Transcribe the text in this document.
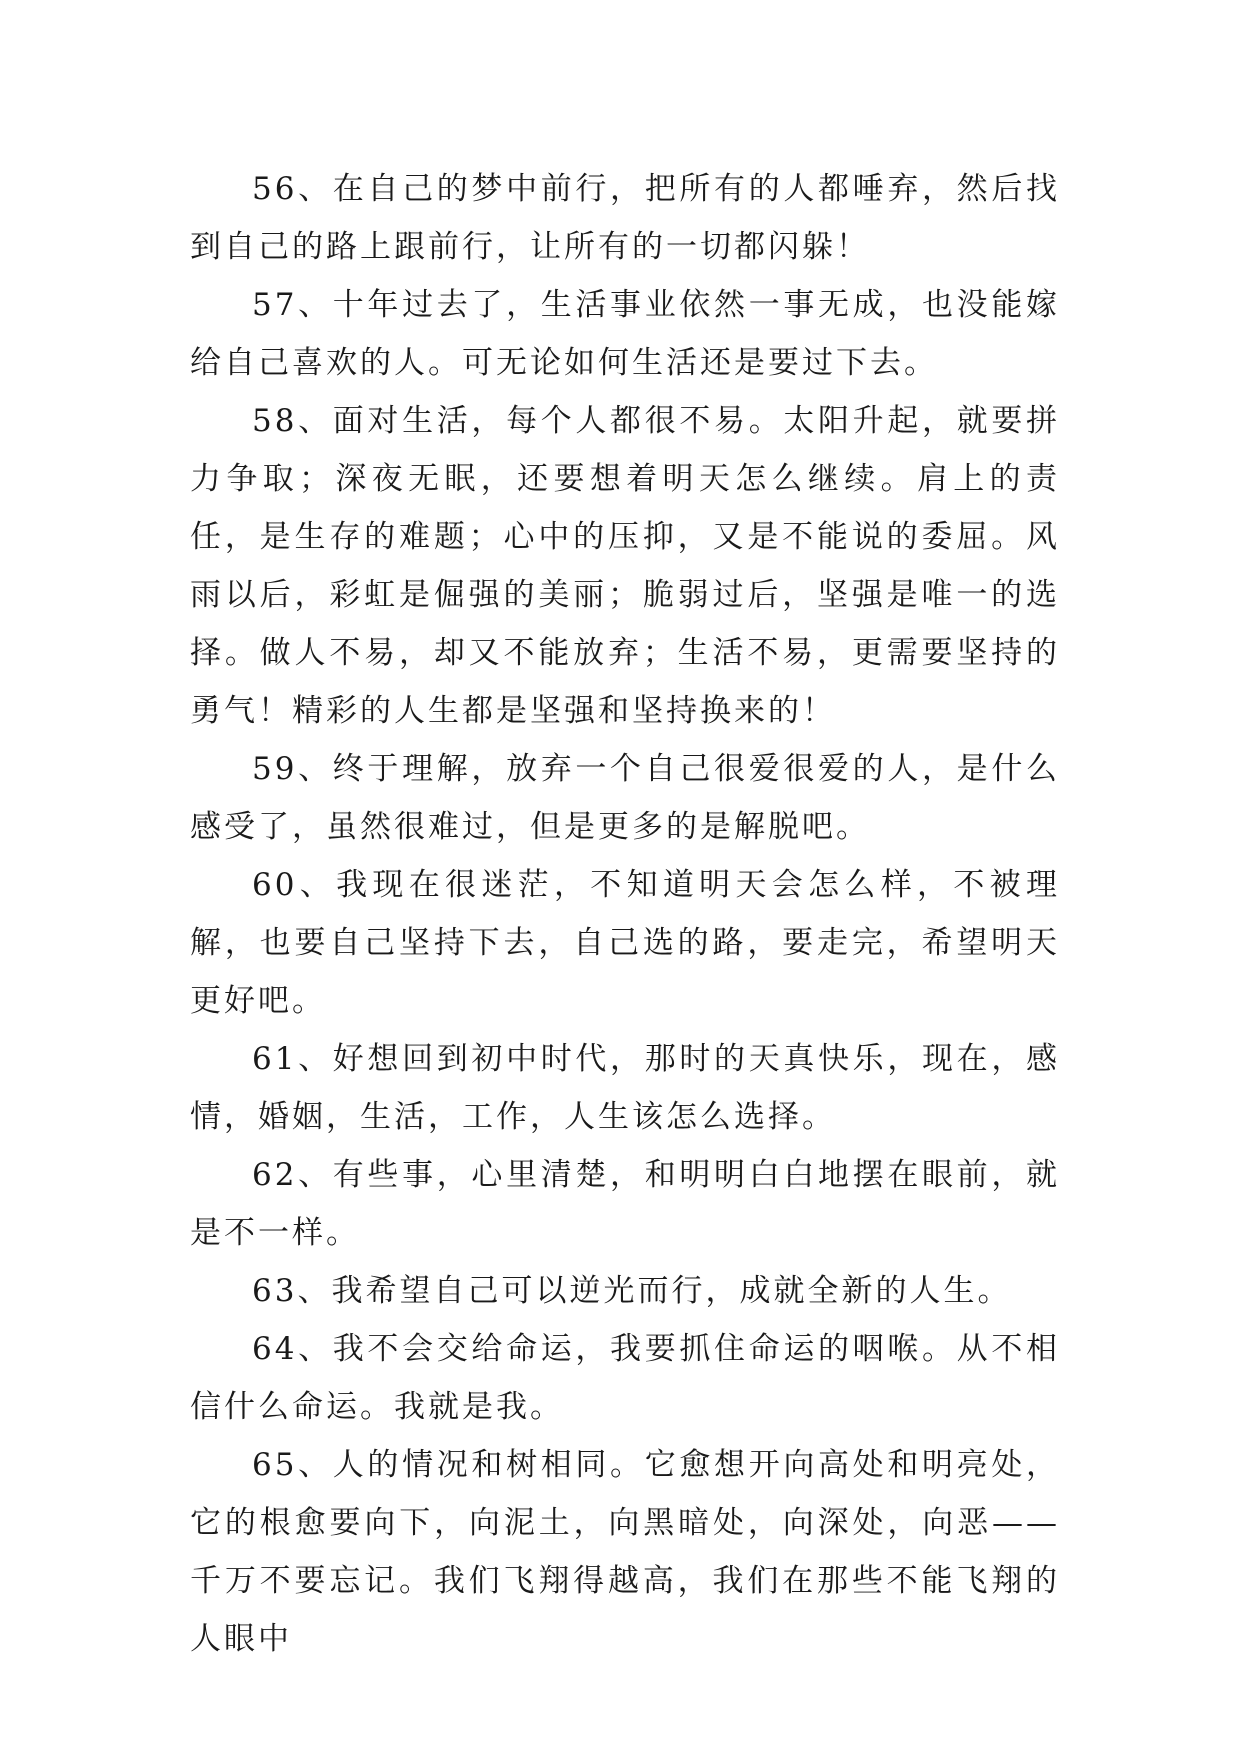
56、在自己的梦中前行，把所有的人都唾弃，然后找到自己的路上跟前行，让所有的一切都闪躲！

57、十年过去了，生活事业依然一事无成，也没能嫁给自己喜欢的人。可无论如何生活还是要过下去。

58、面对生活，每个人都很不易。太阳升起，就要拼力争取；深夜无眠，还要想着明天怎么继续。肩上的责任，是生存的难题；心中的压抑，又是不能说的委屈。风雨以后，彩虹是倔强的美丽；脆弱过后，坚强是唯一的选择。做人不易，却又不能放弃；生活不易，更需要坚持的勇气！精彩的人生都是坚强和坚持换来的！

59、终于理解，放弃一个自己很爱很爱的人，是什么感受了，虽然很难过，但是更多的是解脱吧。

60、我现在很迷茫，不知道明天会怎么样，不被理解，也要自己坚持下去，自己选的路，要走完，希望明天更好吧。

61、好想回到初中时代，那时的天真快乐，现在，感情，婚姻，生活，工作，人生该怎么选择。

62、有些事，心里清楚，和明明白白地摆在眼前，就是不一样。

63、我希望自己可以逆光而行，成就全新的人生。

64、我不会交给命运，我要抓住命运的咽喉。从不相信什么命运。我就是我。

65、人的情况和树相同。它愈想开向高处和明亮处，它的根愈要向下，向泥土，向黑暗处，向深处，向恶——千万不要忘记。我们飞翔得越高，我们在那些不能飞翔的人眼中
